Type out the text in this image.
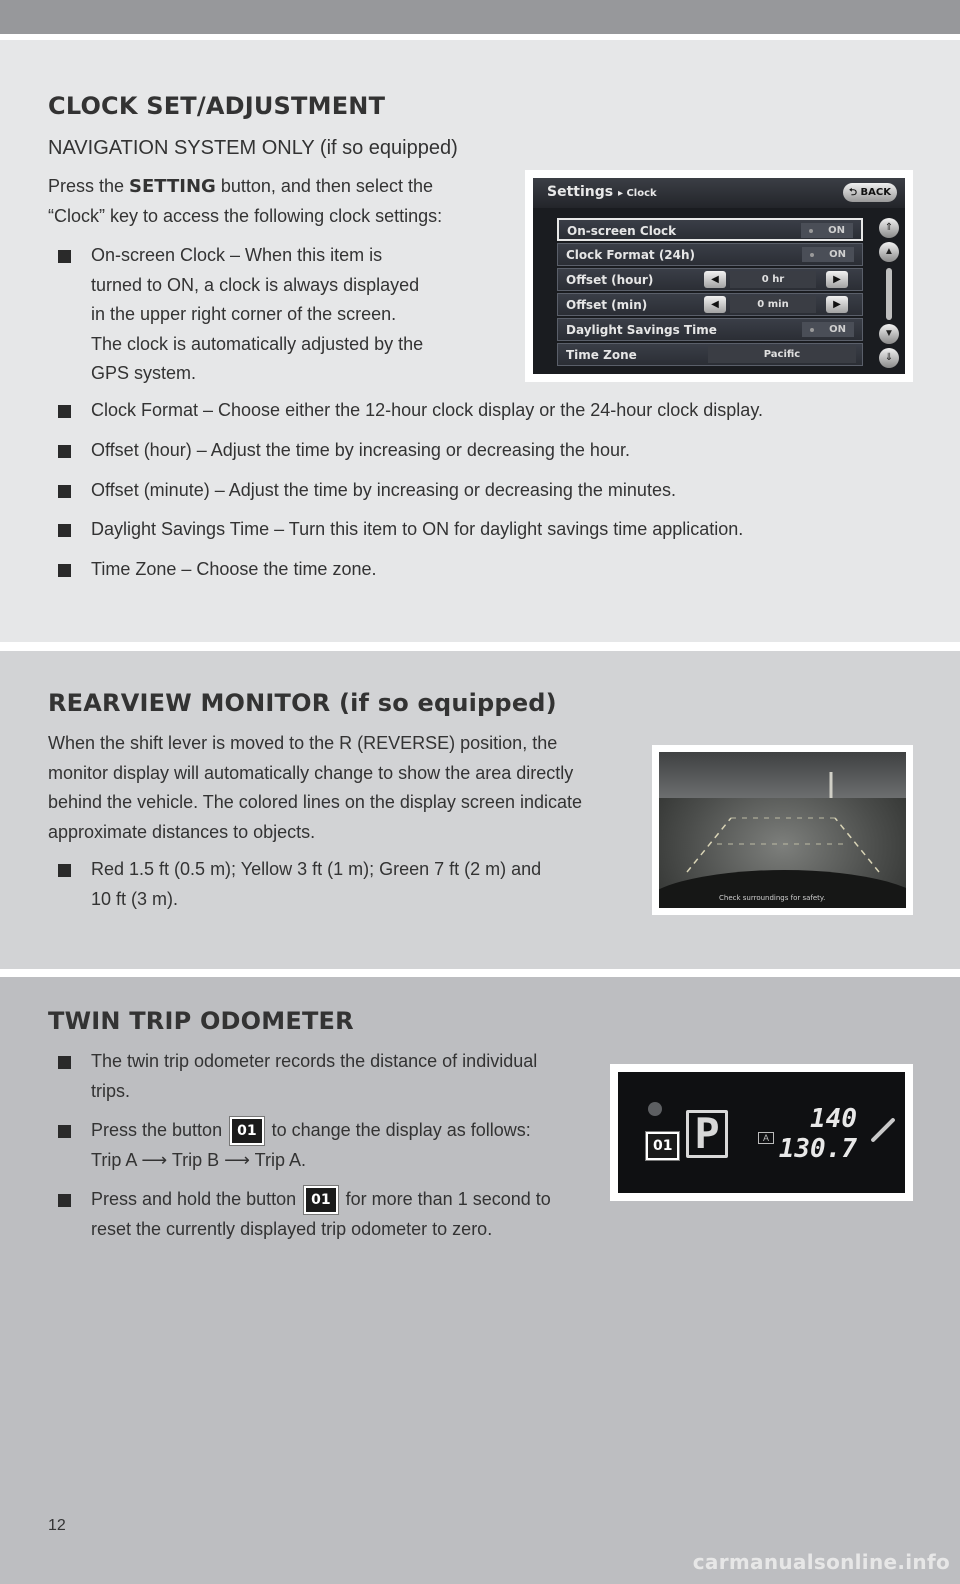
CLOCK SET/ADJUSTMENT
NAVIGATION SYSTEM ONLY (if so equipped)
Press the SETTING button, and then select the
“Clock” key to access the following clock settings:
On-screen Clock – When this item is
turned to ON, a clock is always displayed
in the upper right corner of the screen.
The clock is automatically adjusted by the
GPS system.
Clock Format – Choose either the 12-hour clock display or the 24-hour clock display.
Offset (hour) – Adjust the time by increasing or decreasing the hour.
Offset (minute) – Adjust the time by increasing or decreasing the minutes.
Daylight Savings Time – Turn this item to ON for daylight savings time application.
Time Zone – Choose the time zone.
Settings ▸ Clock	⮌ BACK
On-screen Clock	ON
Clock Format (24h)	ON
Offset (hour)	◀	0 hr	▶
Offset (min)	◀	0 min	▶
Daylight Savings Time	ON
Time Zone	Pacific
⇑
▲
▼
⇓
REARVIEW MONITOR (if so equipped)
When the shift lever is moved to the R (REVERSE) position, the
monitor display will automatically change to show the area directly
behind the vehicle. The colored lines on the display screen indicate
approximate distances to objects.
Red 1.5 ft (0.5 m); Yellow 3 ft (1 m); Green 7 ft (2 m) and
10 ft (3 m).	Check surroundings for safety.
TWIN TRIP ODOMETER
The twin trip odometer records the distance of individual
trips.
Press the button 01 to change the display as follows:
Trip A ⟶ Trip B ⟶ Trip A.
Press and hold the button 01 for more than 1 second to
reset the currently displayed trip odometer to zero.
01 P	A
140
130.7
12
carmanualsonline.info
